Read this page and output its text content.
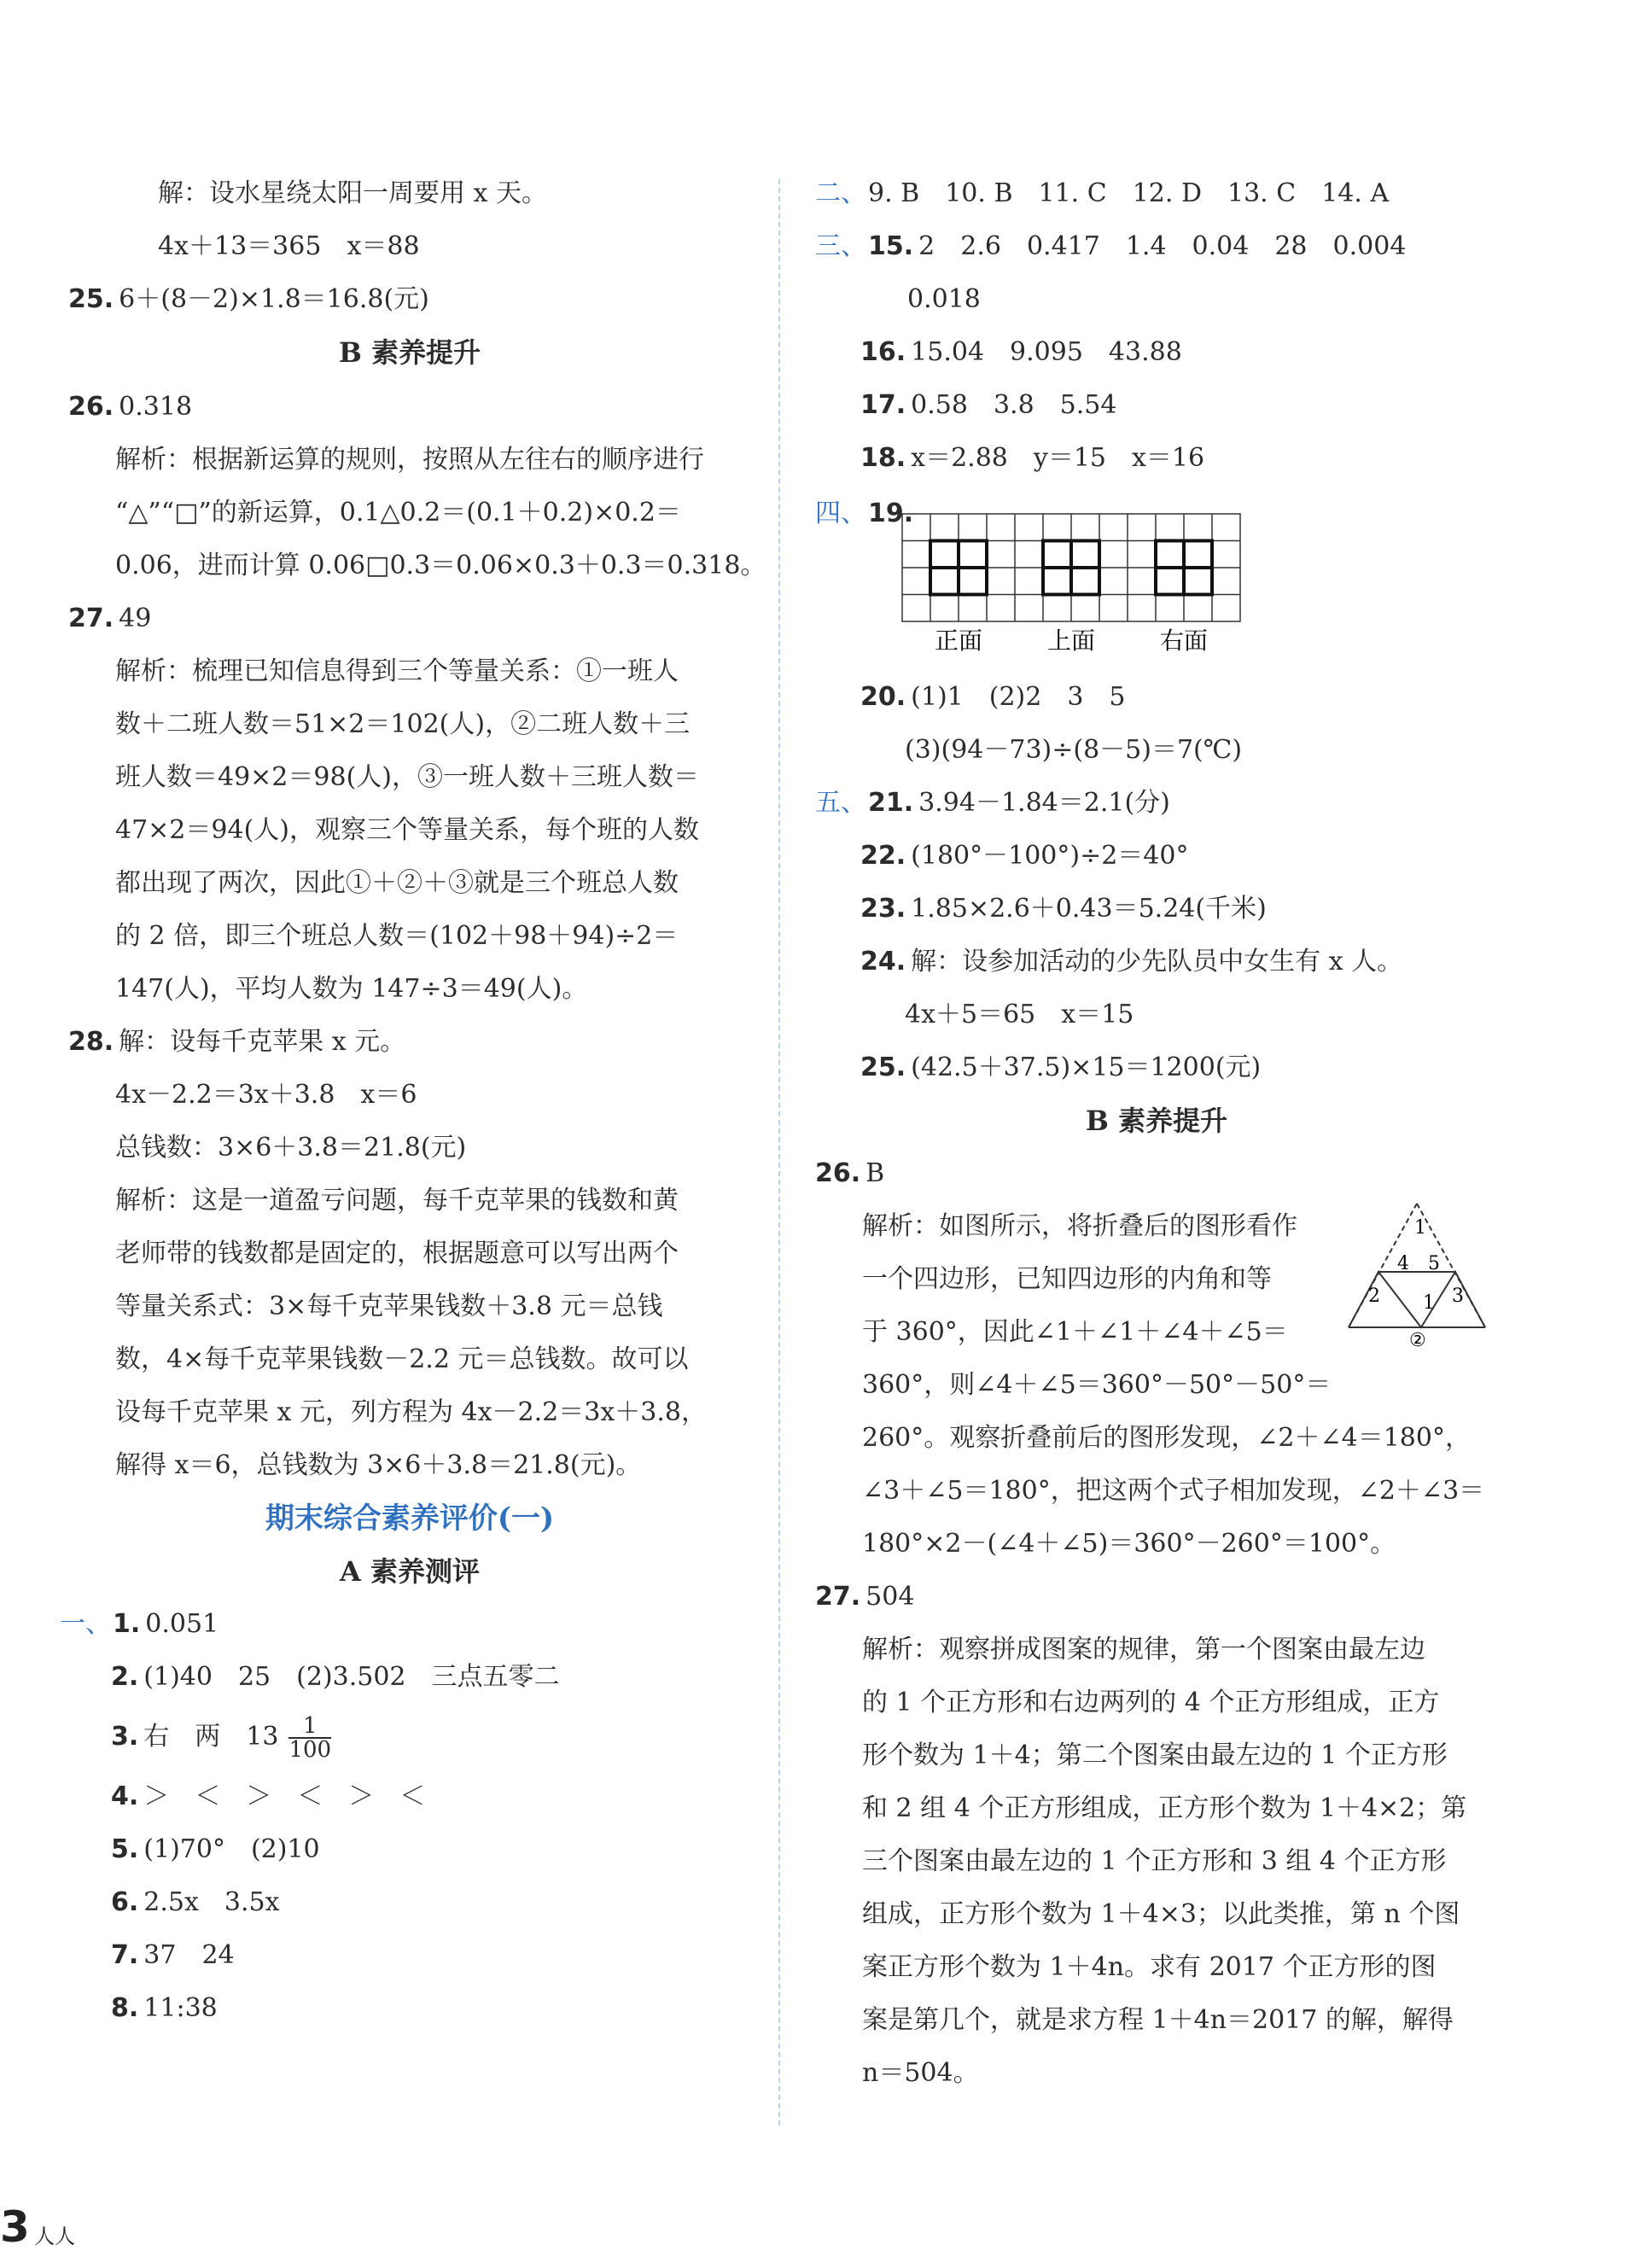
解：设水星绕太阳一周要用 x 天。
4x＋13＝365　x＝88
25. 6＋(8－2)×1.8＝16.8(元)
B 素养提升
26. 0.318
解析：根据新运算的规则，按照从左往右的顺序进行
“△”“□”的新运算，0.1△0.2＝(0.1＋0.2)×0.2＝
0.06，进而计算 0.06□0.3＝0.06×0.3＋0.3＝0.318。
27. 49
解析：梳理已知信息得到三个等量关系：①一班人
数＋二班人数＝51×2＝102(人)，②二班人数＋三
班人数＝49×2＝98(人)，③一班人数＋三班人数＝
47×2＝94(人)，观察三个等量关系，每个班的人数
都出现了两次，因此①＋②＋③就是三个班总人数
的 2 倍，即三个班总人数＝(102＋98＋94)÷2＝
147(人)，平均人数为 147÷3＝49(人)。
28. 解：设每千克苹果 x 元。
4x－2.2＝3x＋3.8　x＝6
总钱数：3×6＋3.8＝21.8(元)
解析：这是一道盈亏问题，每千克苹果的钱数和黄
老师带的钱数都是固定的，根据题意可以写出两个
等量关系式：3×每千克苹果钱数＋3.8 元＝总钱
数，4×每千克苹果钱数－2.2 元＝总钱数。故可以
设每千克苹果 x 元，列方程为 4x－2.2＝3x＋3.8，
解得 x＝6，总钱数为 3×6＋3.8＝21.8(元)。
期末综合素养评价(一)
A 素养测评
一、1. 0.051
2. (1)40　25　(2)3.502　三点五零二
3. 右　两　$13 \frac{1}{100}$
4. ＞　＜　＞　＜　＞　＜
5. (1)70°　(2)10
6. 2.5x　3.5x
7. 37　24
8. 11:38
二、9. B　10. B　11. C　12. D　13. C　14. A
三、15. 2　2.6　0.417　1.4　0.04　28　0.004
0.018
16. 15.04　9.095　43.88
17. 0.58　3.8　5.54
18. x＝2.88　y＝15　x＝16
四、19.
正面	上面	右面
20. (1)1　(2)2　3　5
(3)(94－73)÷(8－5)＝7(℃)
五、21. 3.94－1.84＝2.1(分)
22. (180°－100°)÷2＝40°
23. 1.85×2.6＋0.43＝5.24(千米)
24. 解：设参加活动的少先队员中女生有 x 人。
4x＋5＝65　x＝15
25. (42.5＋37.5)×15＝1200(元)
B 素养提升
26. B
解析：如图所示，将折叠后的图形看作
一个四边形，已知四边形的内角和等
于 360°，因此∠1＋∠1＋∠4＋∠5＝
360°，则∠4＋∠5＝360°－50°－50°＝
1
4 5
2 1 3
②
260°。观察折叠前后的图形发现，∠2＋∠4＝180°，
∠3＋∠5＝180°，把这两个式子相加发现，∠2＋∠3＝
180°×2－(∠4＋∠5)＝360°－260°＝100°。
27. 504
解析：观察拼成图案的规律，第一个图案由最左边
的 1 个正方形和右边两列的 4 个正方形组成，正方
形个数为 1＋4；第二个图案由最左边的 1 个正方形
和 2 组 4 个正方形组成，正方形个数为 1＋4×2；第
三个图案由最左边的 1 个正方形和 3 组 4 个正方形
组成，正方形个数为 1＋4×3；以此类推，第 n 个图
案正方形个数为 1＋4n。求有 2017 个正方形的图
案是第几个，就是求方程 1＋4n＝2017 的解，解得
n＝504。
3 人人
